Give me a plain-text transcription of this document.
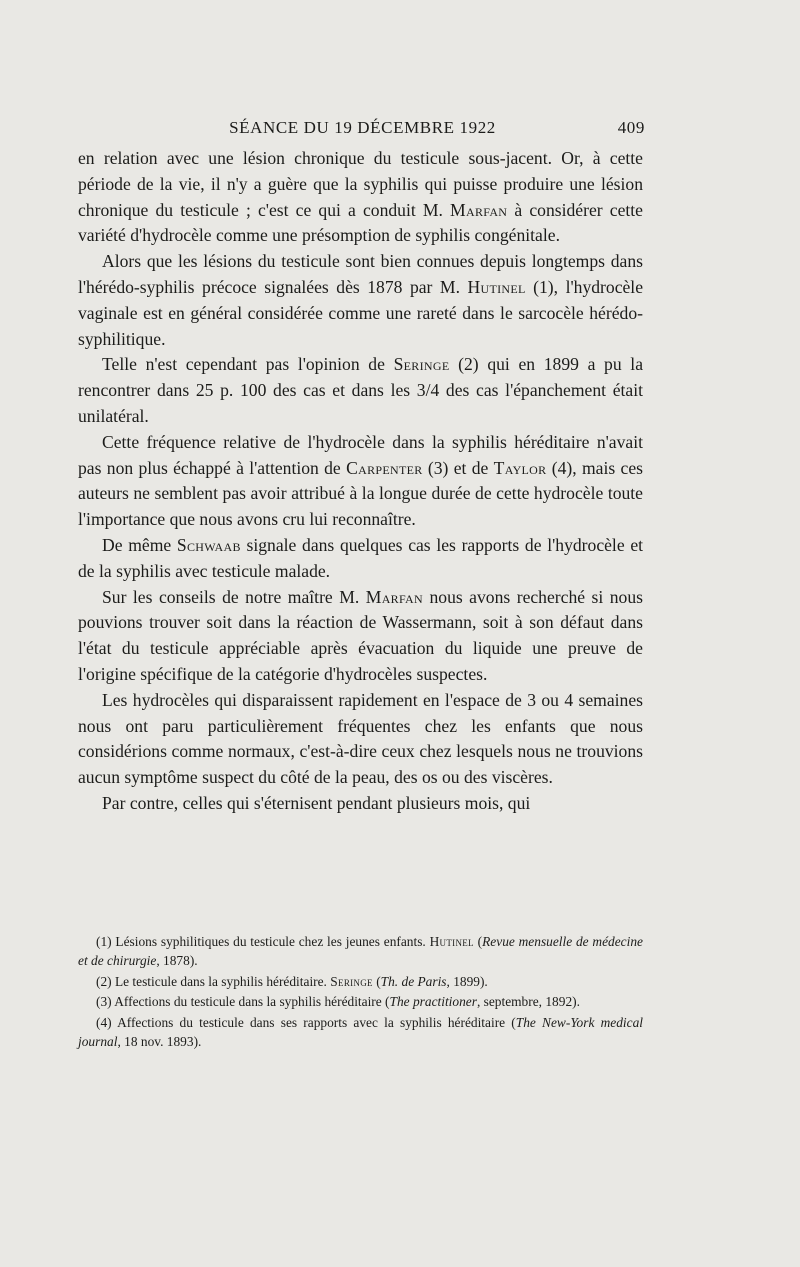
SÉANCE DU 19 DÉCEMBRE 1922	409

en relation avec une lésion chronique du testicule sous-jacent. Or, à cette période de la vie, il n'y a guère que la syphilis qui puisse produire une lésion chronique du testicule ; c'est ce qui a conduit M. Marfan à considérer cette variété d'hydrocèle comme une présomption de syphilis congénitale.

Alors que les lésions du testicule sont bien connues depuis longtemps dans l'hérédo-syphilis précoce signalées dès 1878 par M. Hutinel (1), l'hydrocèle vaginale est en général considérée comme une rareté dans le sarcocèle hérédo-syphilitique.

Telle n'est cependant pas l'opinion de Seringe (2) qui en 1899 a pu la rencontrer dans 25 p. 100 des cas et dans les 3/4 des cas l'épanchement était unilatéral.

Cette fréquence relative de l'hydrocèle dans la syphilis héréditaire n'avait pas non plus échappé à l'attention de Carpenter (3) et de Taylor (4), mais ces auteurs ne semblent pas avoir attribué à la longue durée de cette hydrocèle toute l'importance que nous avons cru lui reconnaître.

De même Schwaab signale dans quelques cas les rapports de l'hydrocèle et de la syphilis avec testicule malade.

Sur les conseils de notre maître M. Marfan nous avons recherché si nous pouvions trouver soit dans la réaction de Wassermann, soit à son défaut dans l'état du testicule appréciable après évacuation du liquide une preuve de l'origine spécifique de la catégorie d'hydrocèles suspectes.

Les hydrocèles qui disparaissent rapidement en l'espace de 3 ou 4 semaines nous ont paru particulièrement fréquentes chez les enfants que nous considérions comme normaux, c'est-à-dire ceux chez lesquels nous ne trouvions aucun symptôme suspect du côté de la peau, des os ou des viscères.

Par contre, celles qui s'éternisent pendant plusieurs mois, qui

(1) Lésions syphilitiques du testicule chez les jeunes enfants. Hutinel (Revue mensuelle de médecine et de chirurgie, 1878).

(2) Le testicule dans la syphilis héréditaire. Seringe (Th. de Paris, 1899).

(3) Affections du testicule dans la syphilis héréditaire (The practitioner, septembre, 1892).

(4) Affections du testicule dans ses rapports avec la syphilis héréditaire (The New-York medical journal, 18 nov. 1893).
